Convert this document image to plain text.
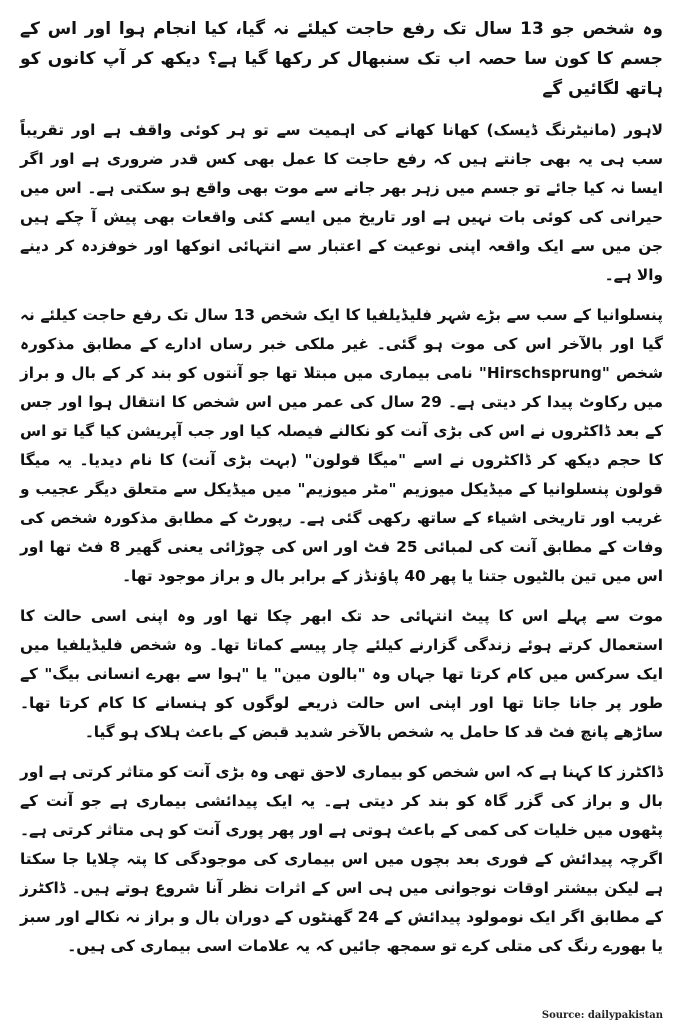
وہ شخص جو 13 سال تک رفع حاجت کیلئے نہ گیا، کیا انجام ہوا اور اس کے جسم کا کون سا حصہ اب تک سنبھال کر رکھا گیا ہے؟ دیکھ کر آپ کانوں کو ہاتھ لگائیں گے

لاہور (مانیٹرنگ ڈیسک) کھانا کھانے کی اہمیت سے تو ہر کوئی واقف ہے اور تقریباً سب ہی یہ بھی جانتے ہیں کہ رفع حاجت کا عمل بھی کس قدر ضروری ہے اور اگر ایسا نہ کیا جائے تو جسم میں زہر بھر جانے سے موت بھی واقع ہو سکتی ہے۔ اس میں حیرانی کی کوئی بات نہیں ہے اور تاریخ میں ایسے کئی واقعات بھی پیش آ چکے ہیں جن میں سے ایک واقعہ اپنی نوعیت کے اعتبار سے انتہائی انوکھا اور خوفزدہ کر دینے والا ہے۔

پنسلوانیا کے سب سے بڑے شہر فلیڈیلفیا کا ایک شخص 13 سال تک رفع حاجت کیلئے نہ گیا اور بالآخر اس کی موت ہو گئی۔ غیر ملکی خبر رساں ادارے کے مطابق مذکورہ شخص "Hirschsprung" نامی بیماری میں مبتلا تھا جو آنتوں کو بند کر کے بال و براز میں رکاوٹ پیدا کر دیتی ہے۔ 29 سال کی عمر میں اس شخص کا انتقال ہوا اور جس کے بعد ڈاکٹروں نے اس کی بڑی آنت کو نکالنے فیصلہ کیا اور جب آپریشن کیا گیا تو اس کا حجم دیکھ کر ڈاکٹروں نے اسے "میگا قولون" (بہت بڑی آنت) کا نام دیدیا۔ یہ میگا قولون پنسلوانیا کے میڈیکل میوزیم "مٹر میوزیم" میں میڈیکل سے متعلق دیگر عجیب و غریب اور تاریخی اشیاء کے ساتھ رکھی گئی ہے۔ رپورٹ کے مطابق مذکورہ شخص کی وفات کے مطابق آنت کی لمبائی 25 فٹ اور اس کی چوڑائی یعنی گھیر 8 فٹ تھا اور اس میں تین بالٹیوں جتنا یا پھر 40 پاؤنڈز کے برابر بال و براز موجود تھا۔

موت سے پہلے اس کا پیٹ انتہائی حد تک ابھر چکا تھا اور وہ اپنی اسی حالت کا استعمال کرتے ہوئے زندگی گزارنے کیلئے چار پیسے کماتا تھا۔ وہ شخص فلیڈیلفیا میں ایک سرکس میں کام کرتا تھا جہاں وہ "بالون مین" یا "ہوا سے بھرے انسانی بیگ" کے طور پر جانا جاتا تھا اور اپنی اس حالت ذریعے لوگوں کو ہنسانے کا کام کرتا تھا۔ ساڑھے پانچ فٹ قد کا حامل یہ شخص بالآخر شدید قبض کے باعث ہلاک ہو گیا۔

ڈاکٹرز کا کہنا ہے کہ اس شخص کو بیماری لاحق تھی وہ بڑی آنت کو متاثر کرتی ہے اور بال و براز کی گزر گاہ کو بند کر دیتی ہے۔ یہ ایک پیدائشی بیماری ہے جو آنت کے پٹھوں میں خلیات کی کمی کے باعث ہوتی ہے اور پھر پوری آنت کو ہی متاثر کرتی ہے۔ اگرچہ پیدائش کے فوری بعد بچوں میں اس بیماری کی موجودگی کا پتہ چلایا جا سکتا ہے لیکن بیشتر اوقات نوجوانی میں ہی اس کے اثرات نظر آنا شروع ہوتے ہیں۔ ڈاکٹرز کے مطابق اگر ایک نومولود پیدائش کے 24 گھنٹوں کے دوران بال و براز نہ نکالے اور سبز یا بھورے رنگ کی متلی کرے تو سمجھ جائیں کہ یہ علامات اسی بیماری کی ہیں۔

Source: dailypakistan
